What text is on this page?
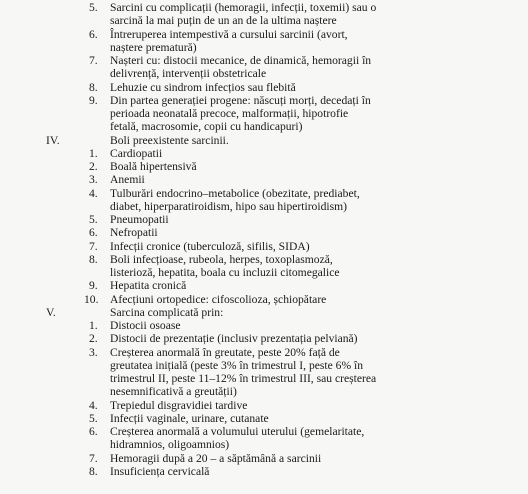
5. Sarcini cu complicații (hemoragii, infecții, toxemii) sau o
sarcină la mai puțin de un an de la ultima naștere
6. Întreruperea intempestivă a cursului sarcinii (avort,
naștere prematură)
7. Nașteri cu: distocii mecanice, de dinamică, hemoragii în
delivrență, intervenții obstetricale
8. Lehuzie cu sindrom infecțios sau flebită
9. Din partea generației progene: născuți morți, decedați în
perioada neonatală precoce, malformații, hipotrofie
fetală, macrosomie, copii cu handicapuri)
IV.	Boli preexistente sarcinii.
1. Cardiopatii
2. Boală hipertensivă
3. Anemii
4. Tulburări endocrino–metabolice (obezitate, prediabet,
diabet, hiperparatiroidism, hipo sau hipertiroidism)
5. Pneumopatii
6. Nefropatii
7. Infecții cronice (tuberculoză, sifilis, SIDA)
8. Boli infecțioase, rubeola, herpes, toxoplasmoză,
listerioză, hepatita, boala cu incluzii citomegalice
9. Hepatita cronică
10. Afecțiuni ortopedice: cifoscolioza, șchiopătare
V.	Sarcina complicată prin:
1. Distocii osoase
2. Distocii de prezentație (inclusiv prezentația pelviană)
3. Creșterea anormală în greutate, peste 20% față de
greutatea inițială (peste 3% în trimestrul I, peste 6% în
trimestrul II, peste 11–12% în trimestrul III, sau creșterea
nesemnificativă a greutății)
4. Trepiedul disgravidiei tardive
5. Infecții vaginale, urinare, cutanate
6. Creșterea anormală a volumului uterului (gemelaritate,
hidramnios, oligoamnios)
7. Hemoragii după a 20 – a săptămână a sarcinii
8. Insuficiența cervicală
